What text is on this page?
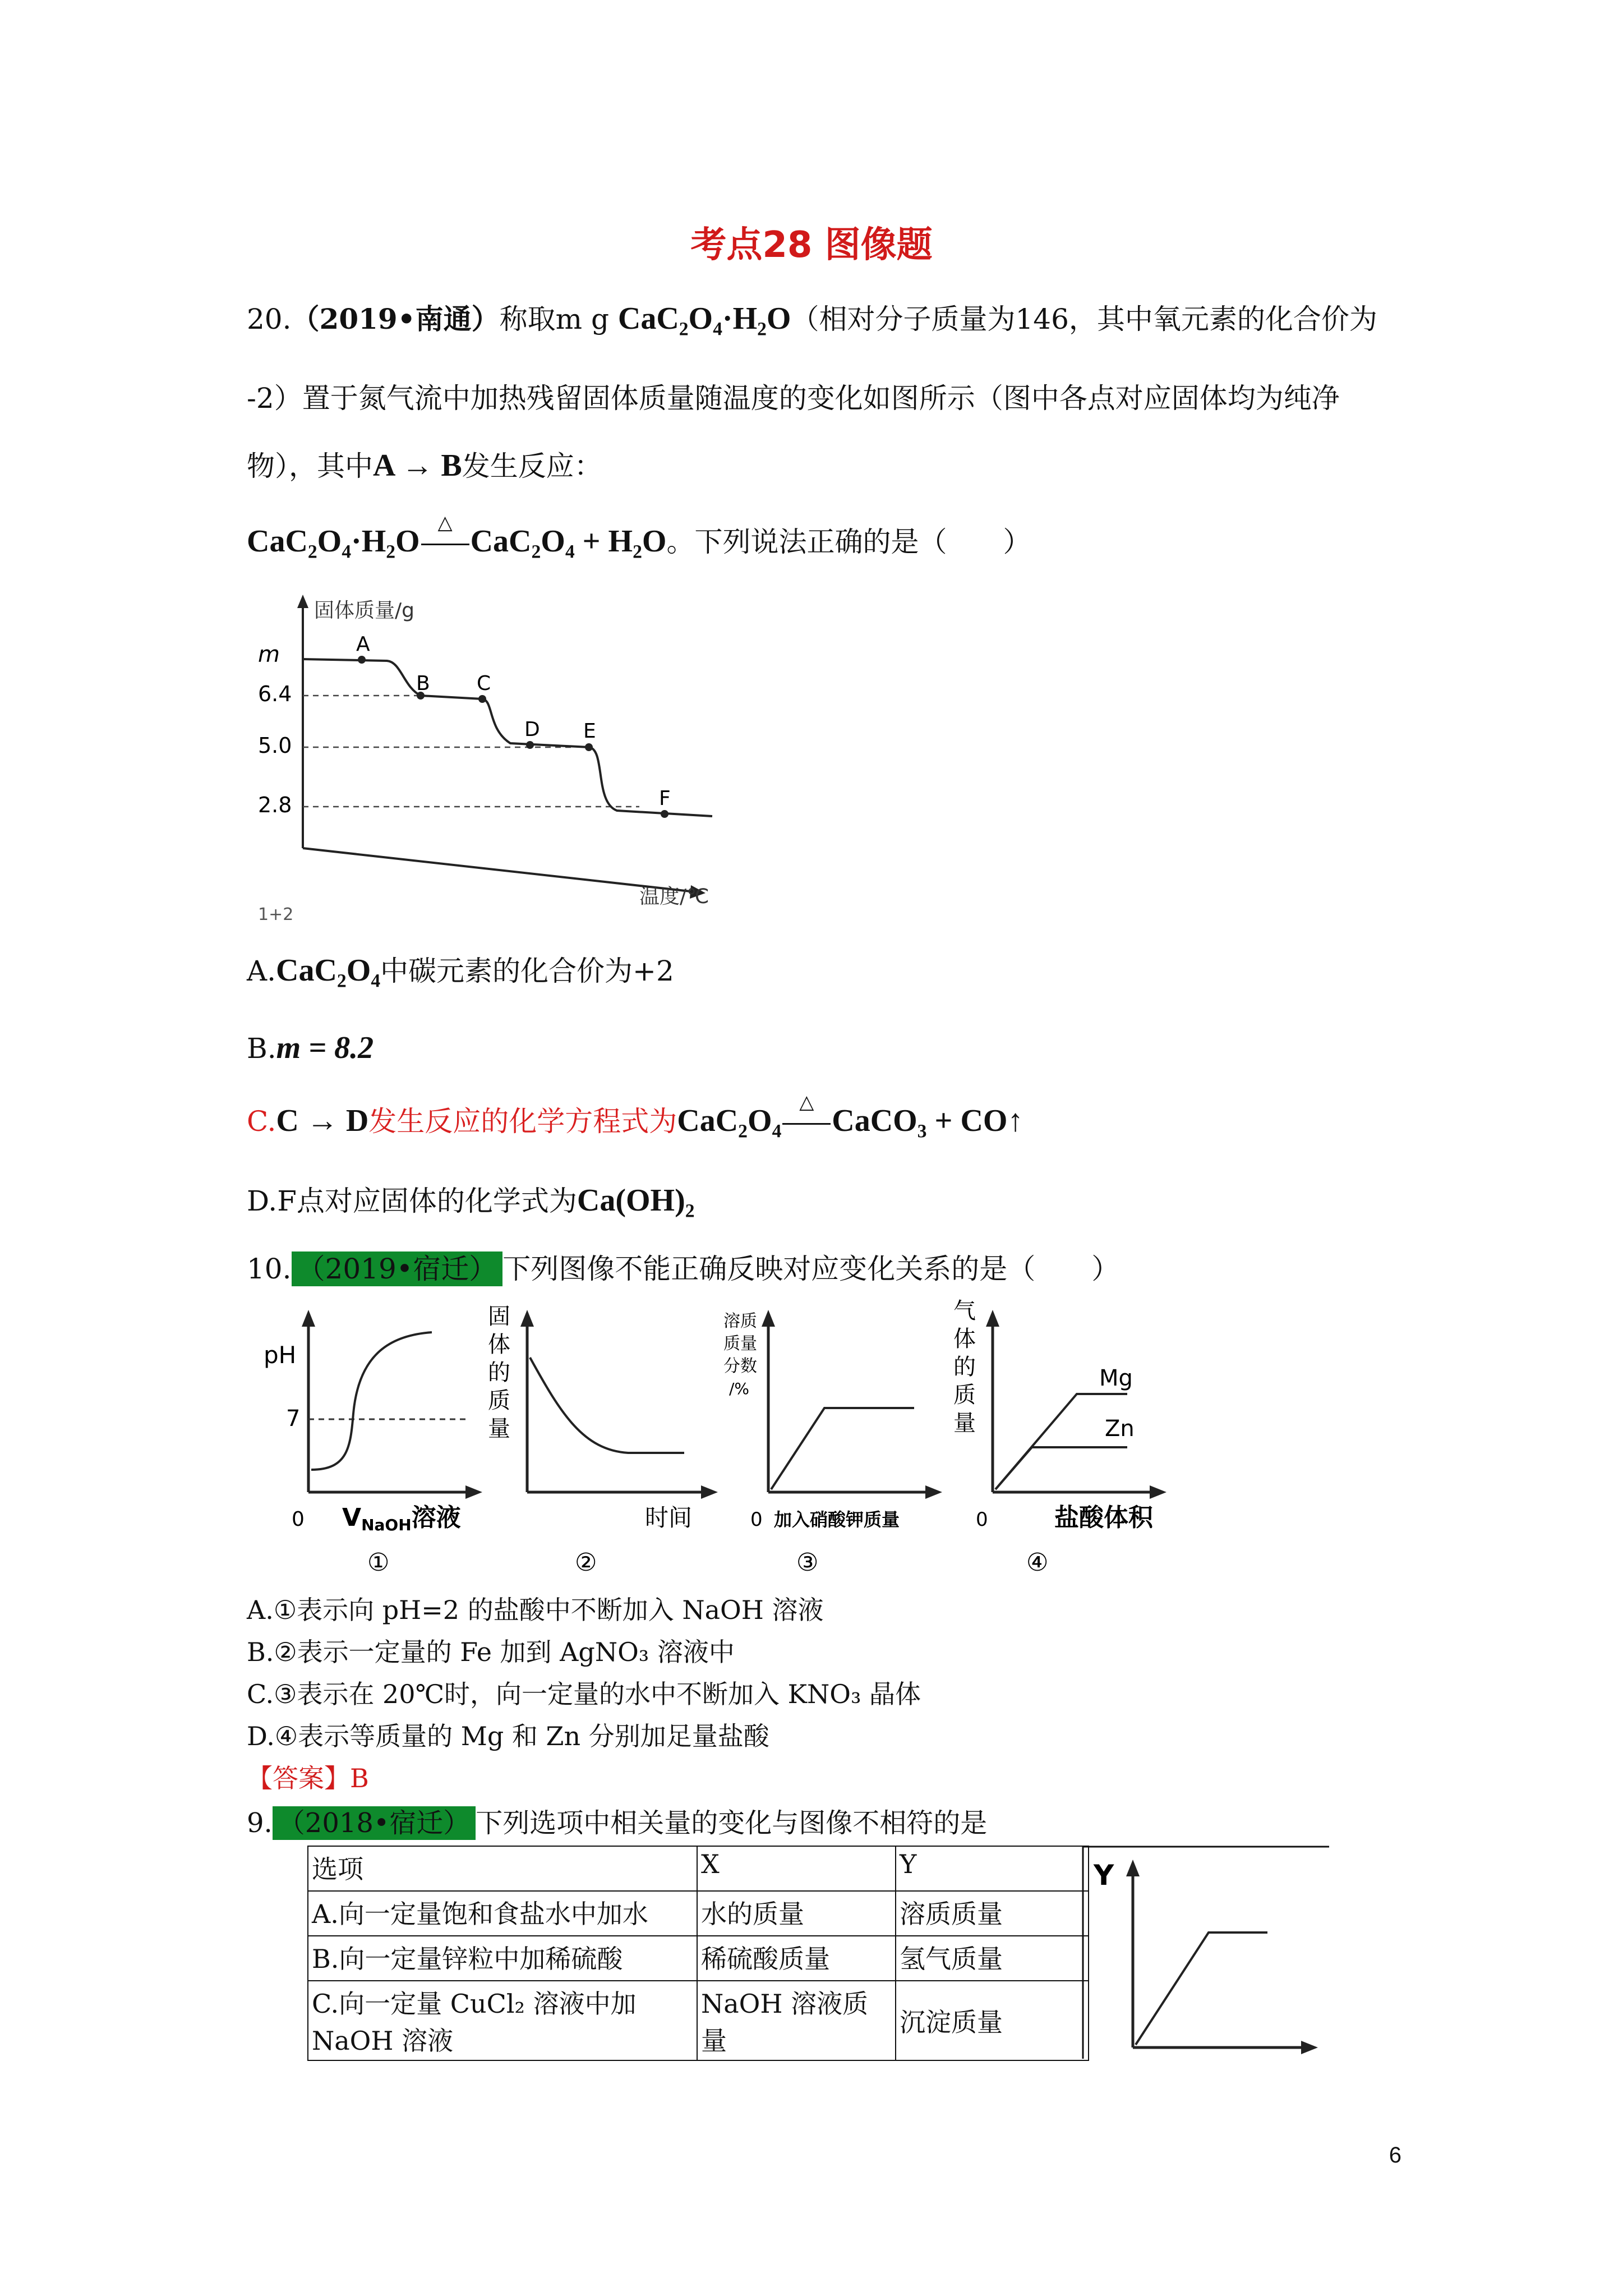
考点28 图像题
20.（2019•南通）称取m g CaC₂O₄·H₂O（相对分子质量为146，其中氧元素的化合价为
-2）置于氮气流中加热残留固体质量随温度的变化如图所示（图中各点对应固体均为纯净
物），其中A → B发生反应：
CaC₂O₄·H₂O
△
CaC₂O₄ + H₂O。下列说法正确的是（　　）
固体质量/g
温度/℃
1+2
m
6.4
5.0
2.8
A
B C
D E
F
A.CaC₂O₄中碳元素的化合价为+2
B.m = 8.2
C.C → D发生反应的化学方程式为CaC₂O₄
△
CaCO₃ + CO↑
D.F点对应固体的化学式为Ca(OH)₂
10. （2019•宿迁） 下列图像不能正确反映对应变化关系的是（　　）
pH
7
0 VNaOH溶液
①
固
体
的
质
量
时间
②
溶质
质量
分数
/%
0 加入硝酸钾质量
③
气
体
的
质
量
Mg
Zn
0	盐酸体积
④
A.①表示向 pH=2 的盐酸中不断加入 NaOH 溶液
B.②表示一定量的 Fe 加到 AgNO₃ 溶液中
C.③表示在 20℃时，向一定量的水中不断加入 KNO₃ 晶体
D.④表示等质量的 Mg 和 Zn 分别加足量盐酸
【答案】B
9. （2018•宿迁） 下列选项中相关量的变化与图像不相符的是
选项	X	Y
A.向一定量饱和食盐水中加水	水的质量	溶质质量
B.向一定量锌粒中加稀硫酸	稀硫酸质量	氢气质量
C.向一定量 CuCl₂ 溶液中加NaOH 溶液	NaOH 溶液质量	沉淀质量
Y
6
